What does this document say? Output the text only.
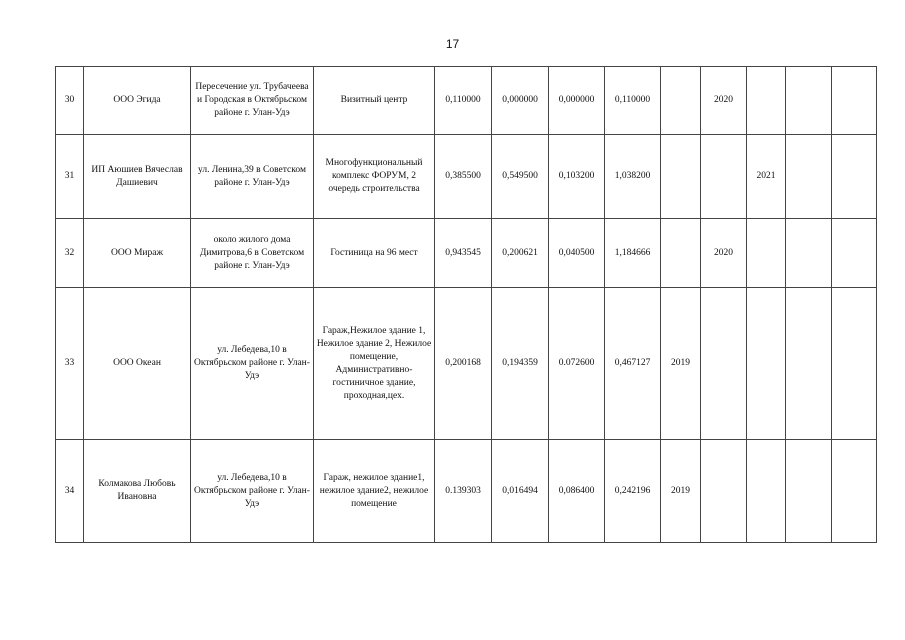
17
30	ООО Эгида	Пересечение ул. Трубачеева и Городская в Октябрьском районе г. Улан-Удэ	Визитный центр	0,110000	0,000000	0,000000	0,110000		2020			
31	ИП Аюшиев Вячеслав Дашиевич	ул. Ленина,39 в Советском районе г. Улан-Удэ	Многофункциональный комплекс ФОРУМ, 2 очередь строительства	0,385500	0,549500	0,103200	1,038200			2021		
32	ООО Мираж	около жилого дома Димитрова,6 в Советском районе г. Улан-Удэ	Гостиница на 96 мест	0,943545	0,200621	0,040500	1,184666		2020			
33	ООО Океан	ул. Лебедева,10 в Октябрьском районе г. Улан-Удэ	Гараж,Нежилое здание 1, Нежилое здание 2, Нежилое помещение, Административно-гостиничное здание, проходная,цех.	0,200168	0,194359	0.072600	0,467127	2019				
34	Колмакова Любовь Ивановна	ул. Лебедева,10 в Октябрьском районе г. Улан-Удэ	Гараж, нежилое здание1, нежилое здание2, нежилое помещение	0.139303	0,016494	0,086400	0,242196	2019				
